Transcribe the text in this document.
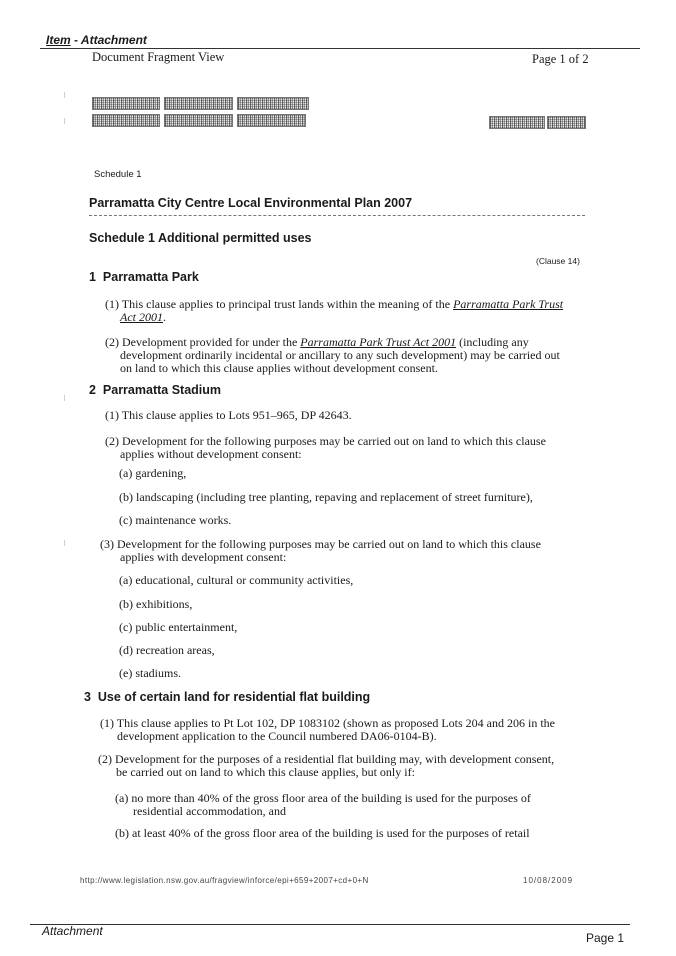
Item - Attachment
Document Fragment View	Page 1 of 2
Schedule 1
Parramatta City Centre Local Environmental Plan 2007
Schedule 1 Additional permitted uses
(Clause 14)
1 Parramatta Park
(1) This clause applies to principal trust lands within the meaning of the Parramatta Park Trust
Act 2001.
(2) Development provided for under the Parramatta Park Trust Act 2001 (including any
development ordinarily incidental or ancillary to any such development) may be carried out
on land to which this clause applies without development consent.
2 Parramatta Stadium
(1) This clause applies to Lots 951–965, DP 42643.
(2) Development for the following purposes may be carried out on land to which this clause
applies without development consent:
(a) gardening,
(b) landscaping (including tree planting, repaving and replacement of street furniture),
(c) maintenance works.
(3) Development for the following purposes may be carried out on land to which this clause
applies with development consent:
(a) educational, cultural or community activities,
(b) exhibitions,
(c) public entertainment,
(d) recreation areas,
(e) stadiums.
3 Use of certain land for residential flat building
(1) This clause applies to Pt Lot 102, DP 1083102 (shown as proposed Lots 204 and 206 in the
development application to the Council numbered DA06-0104-B).
(2) Development for the purposes of a residential flat building may, with development consent,
be carried out on land to which this clause applies, but only if:
(a) no more than 40% of the gross floor area of the building is used for the purposes of
residential accommodation, and
(b) at least 40% of the gross floor area of the building is used for the purposes of retail
http://www.legislation.nsw.gov.au/fragview/inforce/epi+659+2007+cd+0+N	10/08/2009
Attachment	Page 1
